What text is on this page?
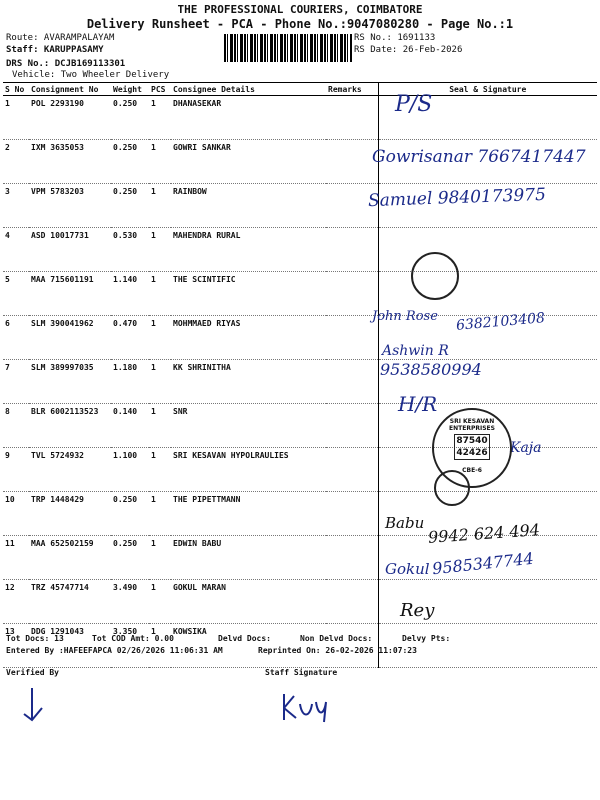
THE PROFESSIONAL COURIERS, COIMBATORE
Delivery Runsheet - PCA - Phone No.:9047080280 - Page No.:1
Route: AVARAMPALAYAM
Staff: KARUPPASAMY
DRS No.: DCJB169113301
Vehicle: Two Wheeler Delivery
RS No.: 1691133
RS Date: 26-Feb-2026
S No	Consignment No	Weight	PCS	Consignee Details	Remarks	Seal & Signature
1	POL 2293190	0.250	1	DHANASEKAR		
2	IXM 3635053	0.250	1	GOWRI SANKAR		
3	VPM 5783203	0.250	1	RAINBOW		
4	ASD 10017731	0.530	1	MAHENDRA RURAL		
5	MAA 715601191	1.140	1	THE SCINTIFIC		
6	SLM 390041962	0.470	1	MOHMMAED RIYAS		
7	SLM 389997035	1.180	1	KK SHRINITHA		
8	BLR 6002113523	0.140	1	SNR		
9	TVL 5724932	1.100	1	SRI KESAVAN HYPOLRAULIES		
10	TRP 1448429	0.250	1	THE PIPETTMANN		
11	MAA 652502159	0.250	1	EDWIN BABU		
12	TRZ 45747714	3.490	1	GOKUL MARAN		
13	DDG 1291043	3.350	1	KOWSIKA		
P/S
Gowrisanar 7667417447
Samuel 9840173975
John Rose 6382103408
Ashwin R
9538580994
H/R
Kaja
Babu 9942 624 494
Gokul 9585347744
Rey
SRI KESAVAN ENTERPRISES
87540
42426
CBE-6
Tot Docs: 13	Tot COD Amt: 0.00	Delvd Docs:	Non Delvd Docs:	Delvy Pts:
Entered By :HAFEEFAPCA 02/26/2026 11:06:31 AM	Reprinted On: 26-02-2026 11:07:23
Verified By	Staff Signature
